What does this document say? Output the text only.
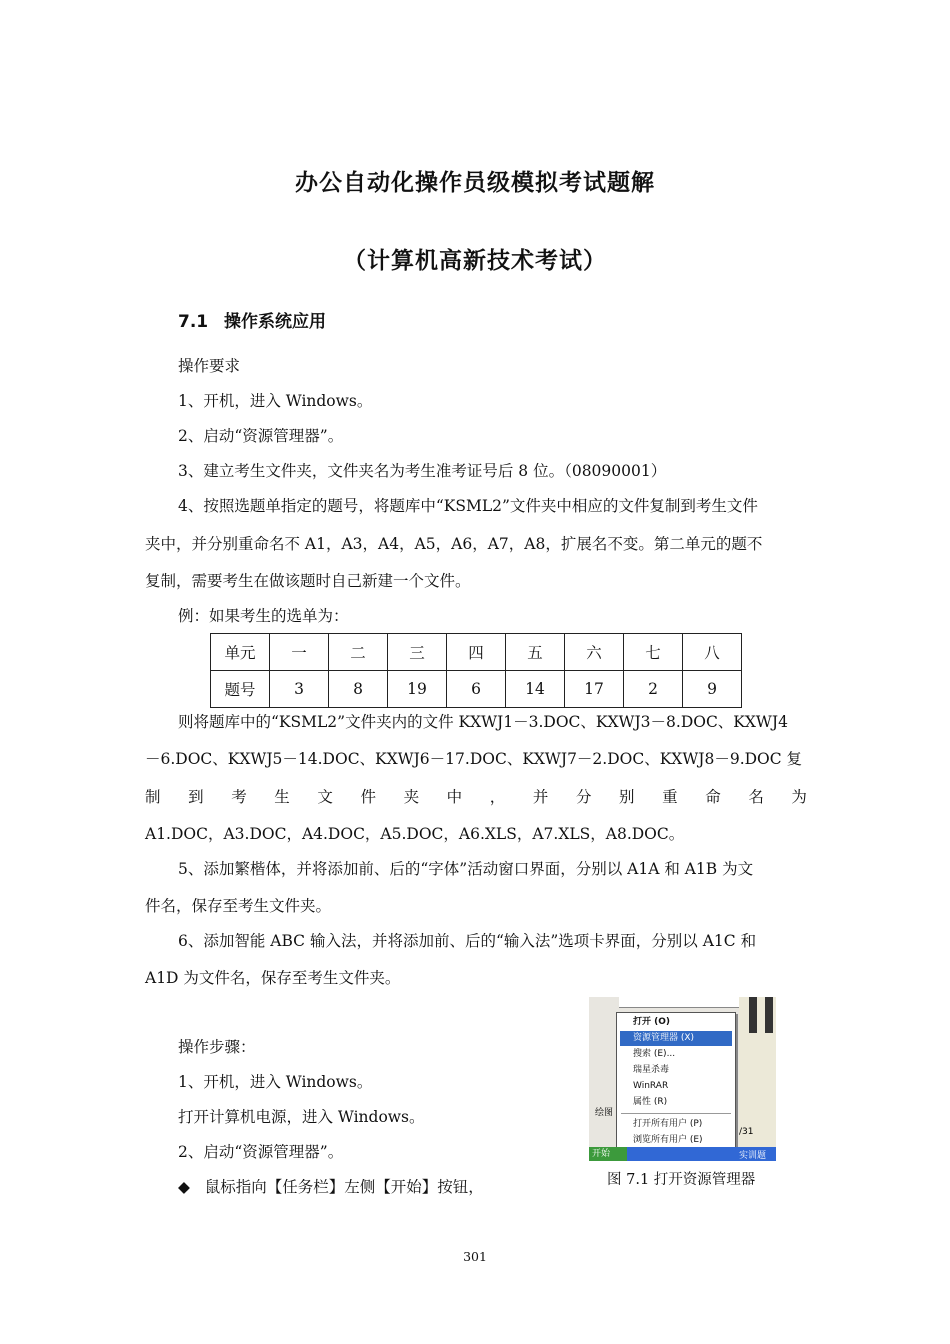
办公自动化操作员级模拟考试题解
（计算机高新技术考试）
7.1 操作系统应用
操作要求
1、开机，进入 Windows。
2、启动“资源管理器”。
3、建立考生文件夹，文件夹名为考生准考证号后 8 位。（08090001）
4、按照选题单指定的题号，将题库中“KSML2”文件夹中相应的文件复制到考生文件
夹中，并分别重命名不 A1，A3，A4，A5，A6，A7，A8，扩展名不变。第二单元的题不
复制，需要考生在做该题时自己新建一个文件。
例：如果考生的选单为：
单元	一	二	三	四	五	六	七	八
题号	3	8	19	6	14	17	2	9
则将题库中的“KSML2”文件夹内的文件 KXWJ1－3.DOC、KXWJ3－8.DOC、KXWJ4
－6.DOC、KXWJ5－14.DOC、KXWJ6－17.DOC、KXWJ7－2.DOC、KXWJ8－9.DOC 复
制 到 考 生 文 件 夹 中 ， 并 分 别 重 命 名 为
A1.DOC，A3.DOC，A4.DOC，A5.DOC，A6.XLS，A7.XLS，A8.DOC。
5、添加繁楷体，并将添加前、后的“字体”活动窗口界面，分别以 A1A 和 A1B 为文
件名，保存至考生文件夹。
6、添加智能 ABC 输入法，并将添加前、后的“输入法”选项卡界面，分别以 A1C 和
A1D 为文件名，保存至考生文件夹。
操作步骤：
1、开机，进入 Windows。
打开计算机电源，进入 Windows。
2、启动“资源管理器”。
◆ 鼠标指向【任务栏】左侧【开始】按钮，
绘图
/31
打开 (O)
资源管理器 (X)
搜索 (E)...
瑞星杀毒
WinRAR
属性 (R)
打开所有用户 (P)
浏览所有用户 (E)
开始	实训题
图 7.1 打开资源管理器
301
